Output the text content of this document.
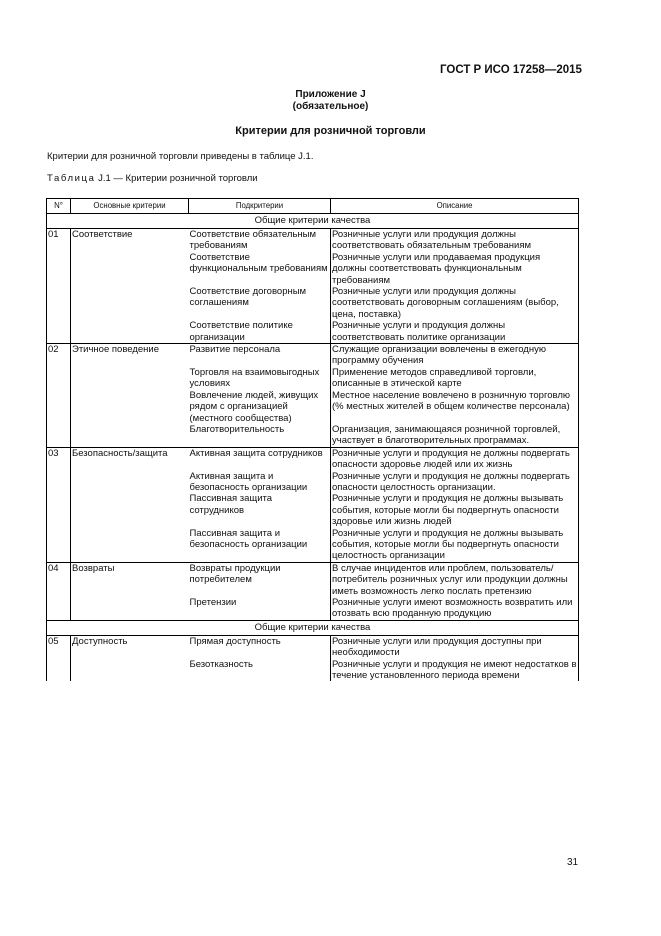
ГОСТ Р ИСО 17258—2015
Приложение J
(обязательное)
Критерии для розничной торговли
Критерии для розничной торговли приведены в таблице J.1.
Таблица J.1 — Критерии розничной торговли
N°	Основные критерии	Подкритерии	Описание
Общие критерии качества			
01	Соответствие	Соответствие обязательным требованиям	Розничные услуги или продукция должны соответствовать обязательным требованиям
		Соответствие функциональным требованиям	Розничные услуги или продаваемая продукция должны соответствовать функциональным требованиям
		Соответствие договорным соглашениям	Розничные услуги или продукция должны соответствовать договорным соглашениям (выбор, цена, поставка)
		Соответствие политике организации	Розничные услуги и продукция должны соответствовать политике организации
02	Этичное поведение	Развитие персонала	Служащие организации вовлечены в ежегодную программу обучения
		Торговля на взаимовыгодных условиях	Применение методов справедливой торговли, описанные в этической карте
		Вовлечение людей, живущих рядом с организацией (местного сообщества)	Местное население вовлечено в розничную торговлю (% местных жителей в общем количестве персонала)
		Благотворительность	Организация, занимающаяся розничной торговлей, участвует в благотворительных программах.
03	Безопасность/защита	Активная защита сотрудников	Розничные услуги и продукция не должны подвергать опасности здоровье людей или их жизнь
		Активная защита и безопасность организации	Розничные услуги и продукция не должны подвергать опасности целостность организации.
		Пассивная защита сотрудников	Розничные услуги и продукция не должны вызывать события, которые могли бы подвергнуть опасности здоровье или жизнь людей
		Пассивная защита и безопасность организации	Розничные услуги и продукция не должны вызывать события, которые могли бы подвергнуть опасности целостность организации
04	Возвраты	Возвраты продукции потребителем	В случае инцидентов или проблем, пользователь/потребитель розничных услуг или продукции должны иметь возможность легко послать претензию
		Претензии	Розничные услуги имеют возможность возвратить или отозвать всю проданную продукцию
Общие критерии качества			
05	Доступность	Прямая доступность	Розничные услуги или продукция доступны при необходимости
		Безотказность	Розничные услуги и продукция не имеют недостатков в течение установленного периода времени
31
